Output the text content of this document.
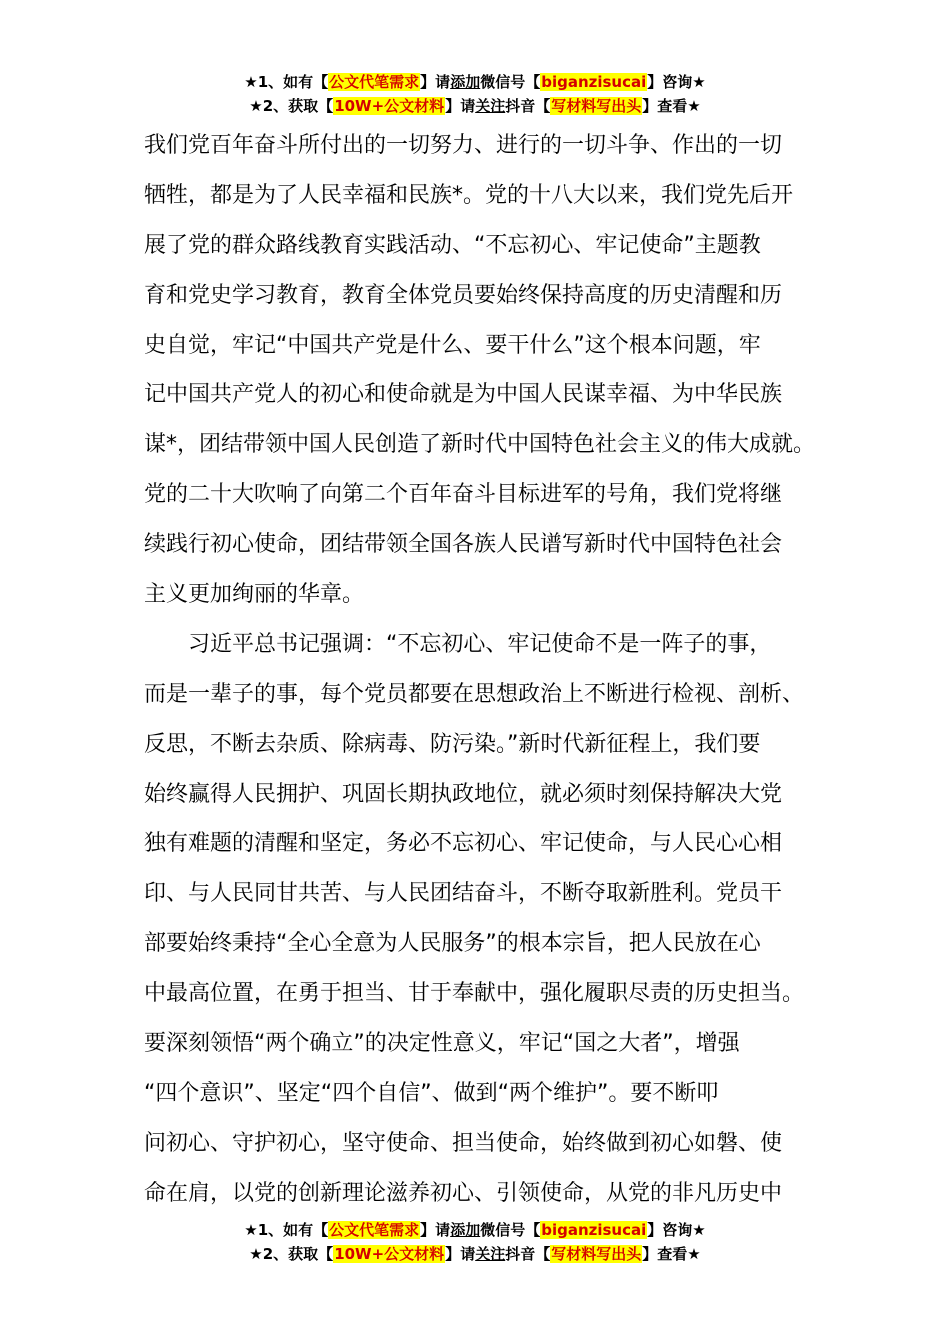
★1、如有【公文代笔需求】请添加微信号【biganzisucai】咨询★
★2、获取【10W+公文材料】请关注抖音【写材料写出头】查看★
我们党百年奋斗所付出的一切努力、进行的一切斗争、作出的一切
牺牲，都是为了人民幸福和民族*。党的十八大以来，我们党先后开
展了党的群众路线教育实践活动、“不忘初心、牢记使命”主题教
育和党史学习教育，教育全体党员要始终保持高度的历史清醒和历
史自觉，牢记“中国共产党是什么、要干什么”这个根本问题，牢
记中国共产党人的初心和使命就是为中国人民谋幸福、为中华民族
谋*，团结带领中国人民创造了新时代中国特色社会主义的伟大成就。
党的二十大吹响了向第二个百年奋斗目标进军的号角，我们党将继
续践行初心使命，团结带领全国各族人民谱写新时代中国特色社会
主义更加绚丽的华章。
　　习近平总书记强调：“不忘初心、牢记使命不是一阵子的事，
而是一辈子的事，每个党员都要在思想政治上不断进行检视、剖析、
反思，不断去杂质、除病毒、防污染。”新时代新征程上，我们要
始终赢得人民拥护、巩固长期执政地位，就必须时刻保持解决大党
独有难题的清醒和坚定，务必不忘初心、牢记使命，与人民心心相
印、与人民同甘共苦、与人民团结奋斗，不断夺取新胜利。党员干
部要始终秉持“全心全意为人民服务”的根本宗旨，把人民放在心
中最高位置，在勇于担当、甘于奉献中，强化履职尽责的历史担当。
要深刻领悟“两个确立”的决定性意义，牢记“国之大者”，增强
“四个意识”、坚定“四个自信”、做到“两个维护”。要不断叩
问初心、守护初心，坚守使命、担当使命，始终做到初心如磐、使
命在肩，以党的创新理论滋养初心、引领使命，从党的非凡历史中
★1、如有【公文代笔需求】请添加微信号【biganzisucai】咨询★
★2、获取【10W+公文材料】请关注抖音【写材料写出头】查看★
